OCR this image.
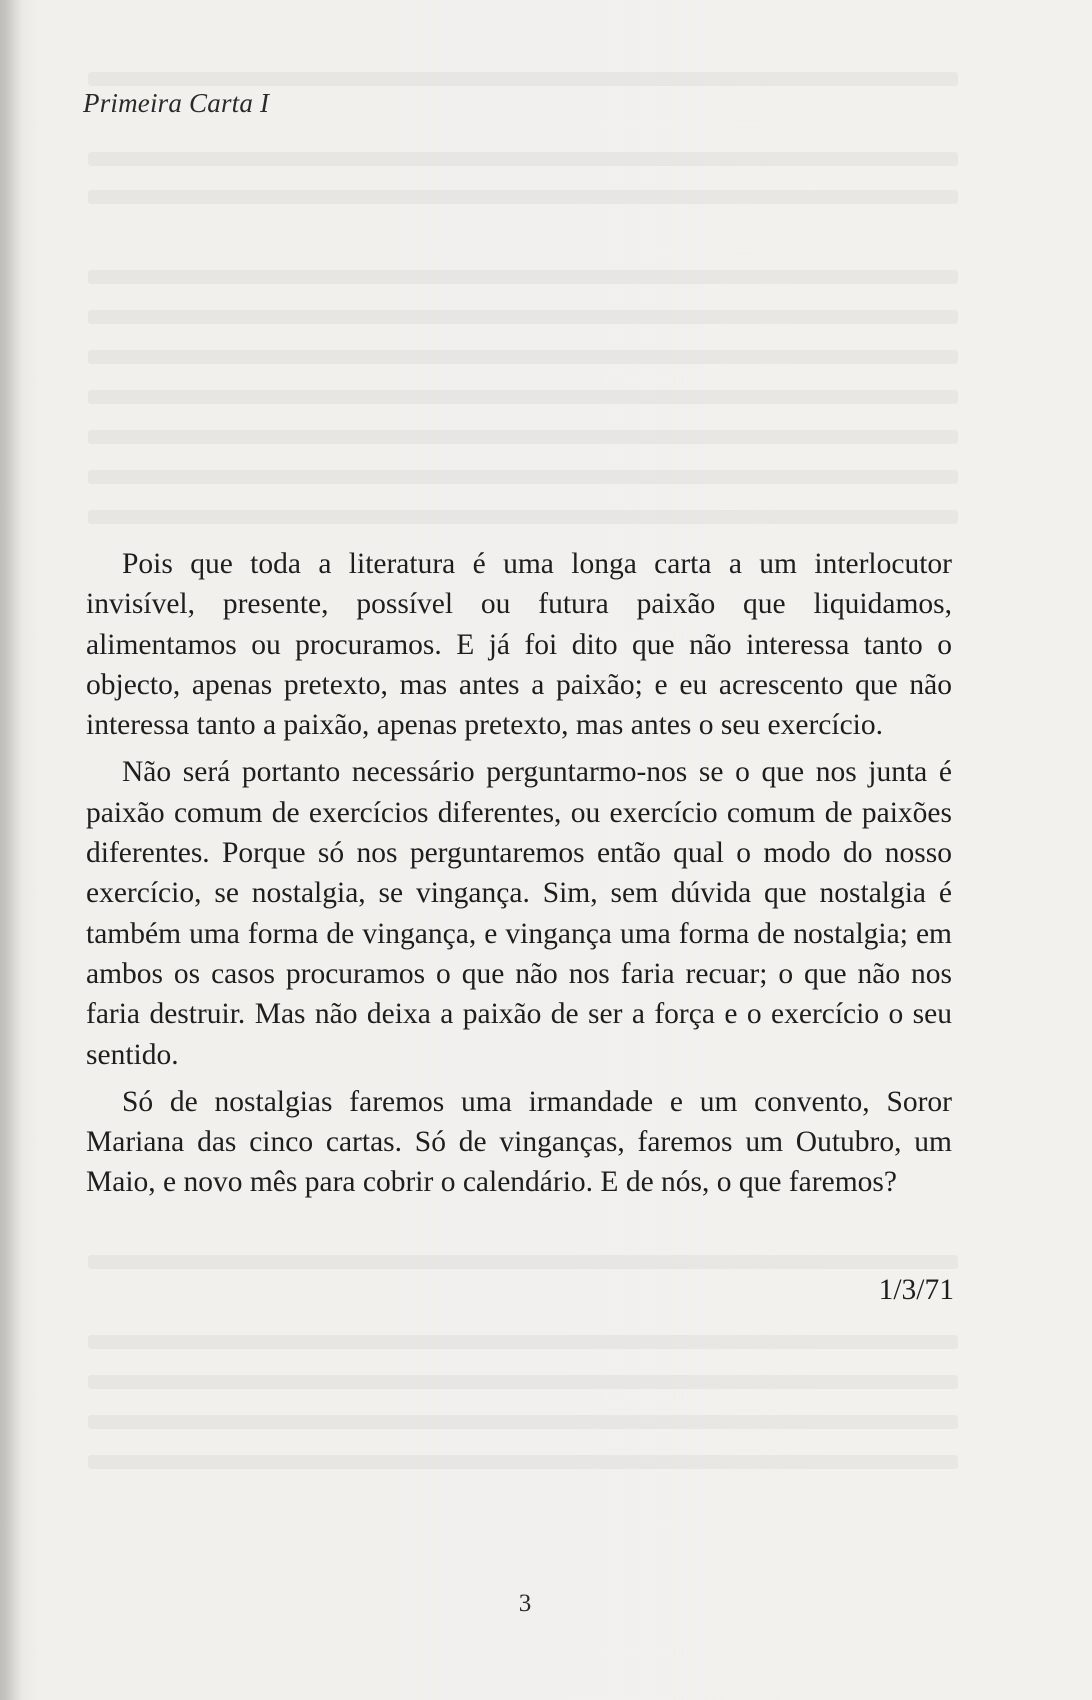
Primeira Carta I

Pois que toda a literatura é uma longa carta a um interlocutor invisível, presente, possível ou futura paixão que liquidamos, alimentamos ou procuramos. E já foi dito que não interessa tanto o objecto, apenas pretexto, mas antes a paixão; e eu acrescento que não interessa tanto a paixão, apenas pretexto, mas antes o seu exercício.

Não será portanto necessário perguntarmo-nos se o que nos junta é paixão comum de exercícios diferentes, ou exercício comum de paixões diferentes. Porque só nos perguntaremos então qual o modo do nosso exercício, se nostalgia, se vingança. Sim, sem dúvida que nostalgia é também uma forma de vingança, e vingança uma forma de nostalgia; em ambos os casos procuramos o que não nos faria recuar; o que não nos faria destruir. Mas não deixa a paixão de ser a força e o exercício o seu sentido.

Só de nostalgias faremos uma irmandade e um convento, Soror Mariana das cinco cartas. Só de vinganças, faremos um Outubro, um Maio, e novo mês para cobrir o calendário. E de nós, o que faremos?

1/3/71
3
